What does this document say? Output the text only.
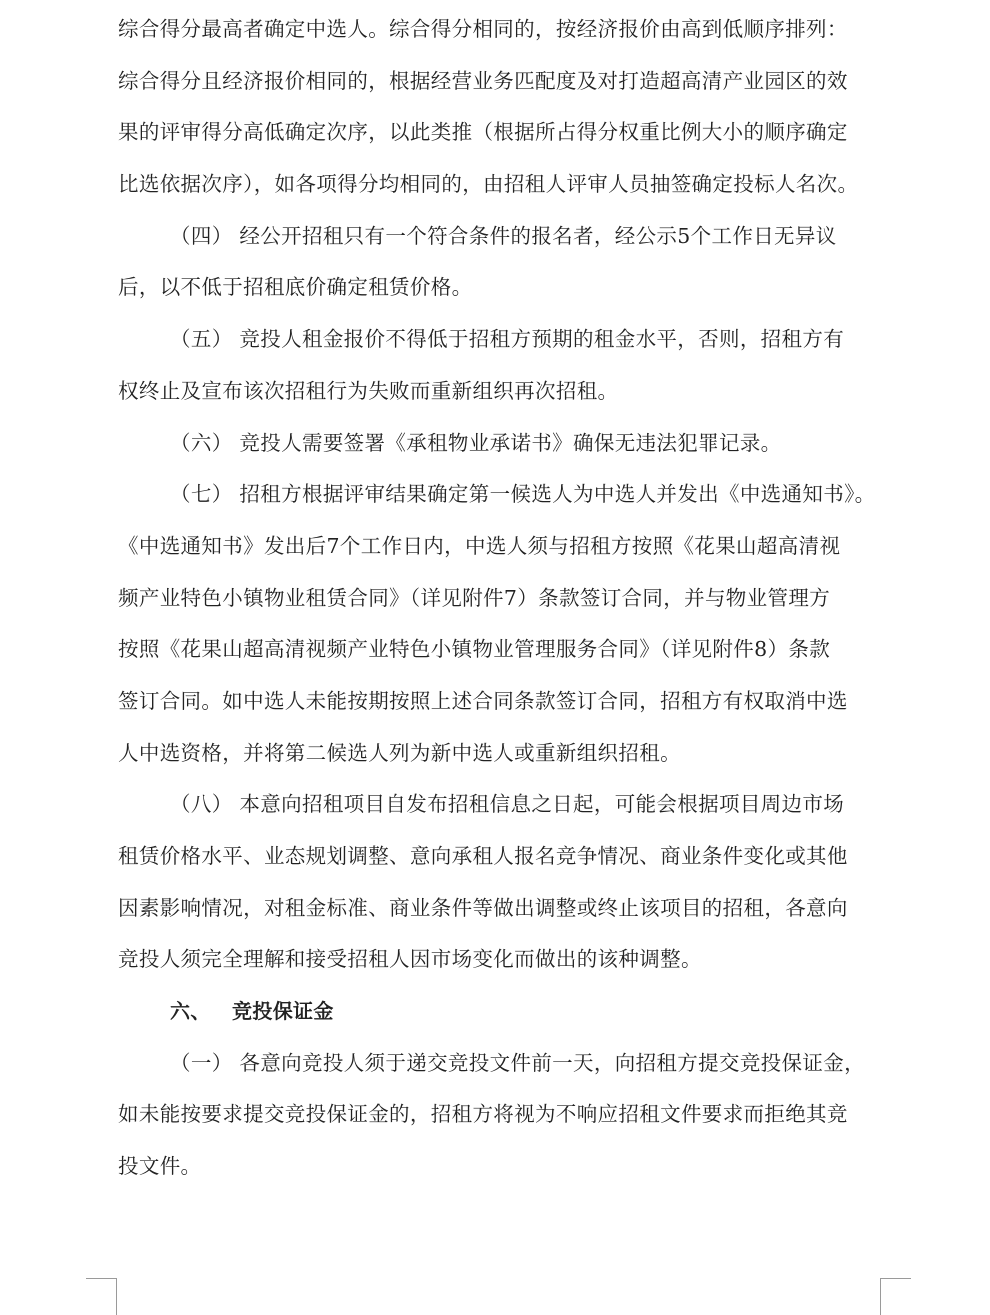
综合得分最高者确定中选人。综合得分相同的，按经济报价由高到低顺序排列：
综合得分且经济报价相同的，根据经营业务匹配度及对打造超高清产业园区的效
果的评审得分高低确定次序，以此类推（根据所占得分权重比例大小的顺序确定
比选依据次序），如各项得分均相同的，由招租人评审人员抽签确定投标人名次。
（四） 经公开招租只有一个符合条件的报名者，经公示5个工作日无异议
后，以不低于招租底价确定租赁价格。
（五） 竞投人租金报价不得低于招租方预期的租金水平，否则，招租方有
权终止及宣布该次招租行为失败而重新组织再次招租。
（六） 竞投人需要签署《承租物业承诺书》确保无违法犯罪记录。
（七） 招租方根据评审结果确定第一候选人为中选人并发出《中选通知书》。
《中选通知书》发出后7个工作日内，中选人须与招租方按照《花果山超高清视
频产业特色小镇物业租赁合同》（详见附件7）条款签订合同，并与物业管理方
按照《花果山超高清视频产业特色小镇物业管理服务合同》（详见附件8）条款
签订合同。如中选人未能按期按照上述合同条款签订合同，招租方有权取消中选
人中选资格，并将第二候选人列为新中选人或重新组织招租。
（八） 本意向招租项目自发布招租信息之日起，可能会根据项目周边市场
租赁价格水平、业态规划调整、意向承租人报名竞争情况、商业条件变化或其他
因素影响情况，对租金标准、商业条件等做出调整或终止该项目的招租，各意向
竞投人须完全理解和接受招租人因市场变化而做出的该种调整。
六、 竞投保证金
（一） 各意向竞投人须于递交竞投文件前一天，向招租方提交竞投保证金，
如未能按要求提交竞投保证金的，招租方将视为不响应招租文件要求而拒绝其竞
投文件。
